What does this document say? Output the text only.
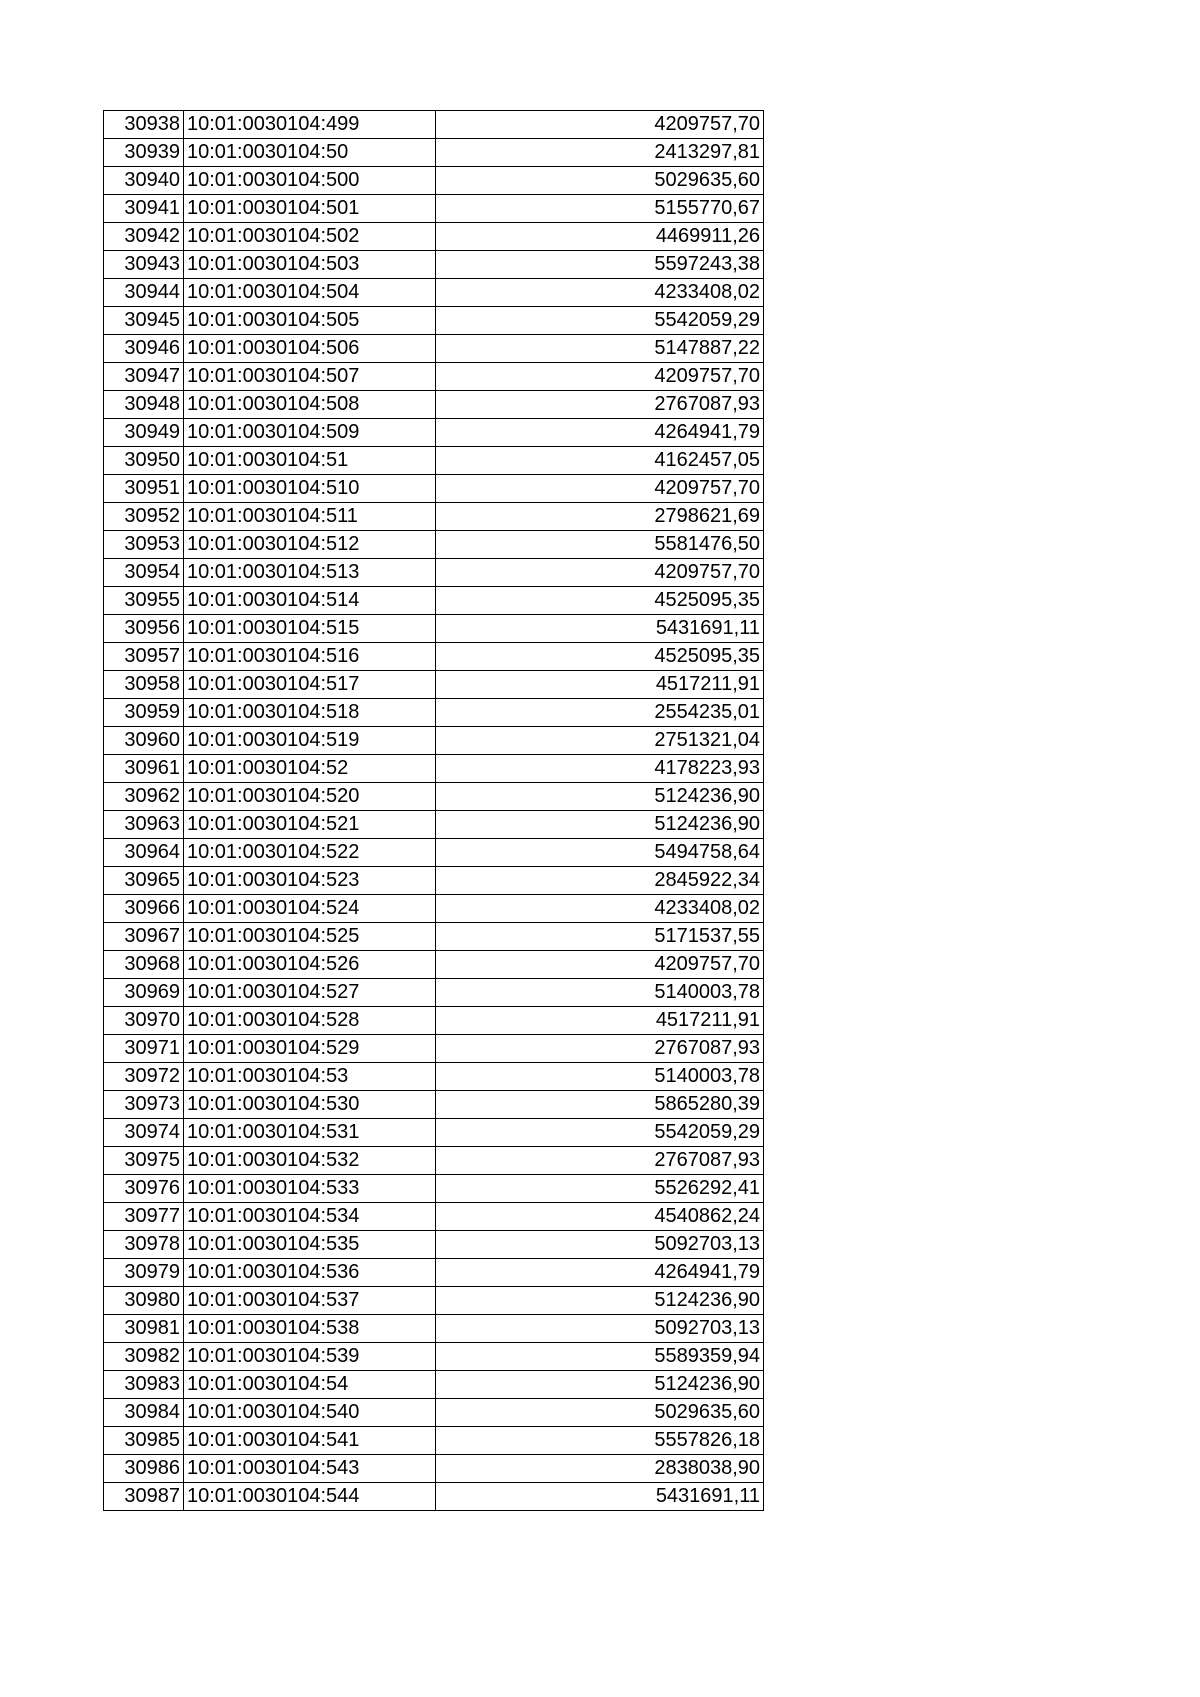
30938	10:01:0030104:499	4209757,70
30939	10:01:0030104:50	2413297,81
30940	10:01:0030104:500	5029635,60
30941	10:01:0030104:501	5155770,67
30942	10:01:0030104:502	4469911,26
30943	10:01:0030104:503	5597243,38
30944	10:01:0030104:504	4233408,02
30945	10:01:0030104:505	5542059,29
30946	10:01:0030104:506	5147887,22
30947	10:01:0030104:507	4209757,70
30948	10:01:0030104:508	2767087,93
30949	10:01:0030104:509	4264941,79
30950	10:01:0030104:51	4162457,05
30951	10:01:0030104:510	4209757,70
30952	10:01:0030104:511	2798621,69
30953	10:01:0030104:512	5581476,50
30954	10:01:0030104:513	4209757,70
30955	10:01:0030104:514	4525095,35
30956	10:01:0030104:515	5431691,11
30957	10:01:0030104:516	4525095,35
30958	10:01:0030104:517	4517211,91
30959	10:01:0030104:518	2554235,01
30960	10:01:0030104:519	2751321,04
30961	10:01:0030104:52	4178223,93
30962	10:01:0030104:520	5124236,90
30963	10:01:0030104:521	5124236,90
30964	10:01:0030104:522	5494758,64
30965	10:01:0030104:523	2845922,34
30966	10:01:0030104:524	4233408,02
30967	10:01:0030104:525	5171537,55
30968	10:01:0030104:526	4209757,70
30969	10:01:0030104:527	5140003,78
30970	10:01:0030104:528	4517211,91
30971	10:01:0030104:529	2767087,93
30972	10:01:0030104:53	5140003,78
30973	10:01:0030104:530	5865280,39
30974	10:01:0030104:531	5542059,29
30975	10:01:0030104:532	2767087,93
30976	10:01:0030104:533	5526292,41
30977	10:01:0030104:534	4540862,24
30978	10:01:0030104:535	5092703,13
30979	10:01:0030104:536	4264941,79
30980	10:01:0030104:537	5124236,90
30981	10:01:0030104:538	5092703,13
30982	10:01:0030104:539	5589359,94
30983	10:01:0030104:54	5124236,90
30984	10:01:0030104:540	5029635,60
30985	10:01:0030104:541	5557826,18
30986	10:01:0030104:543	2838038,90
30987	10:01:0030104:544	5431691,11
